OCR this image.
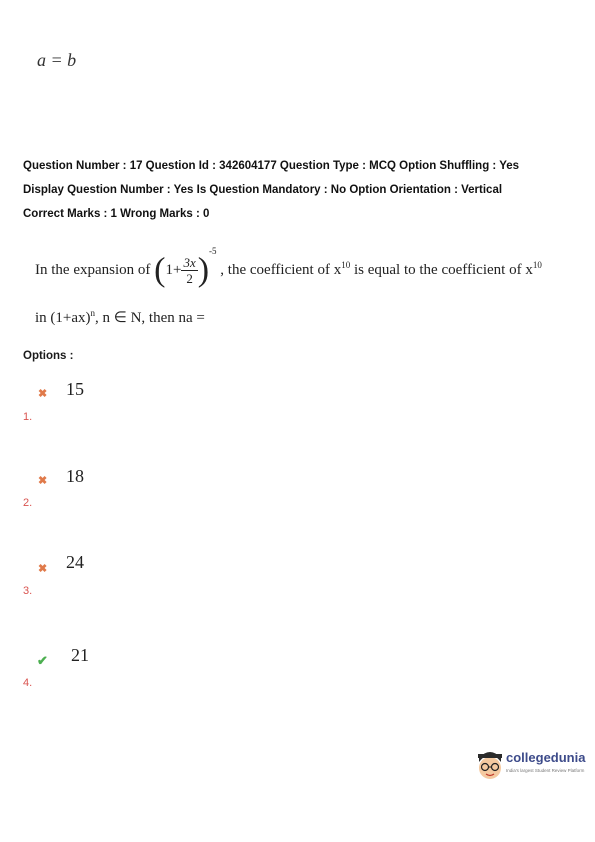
a = b
Question Number : 17 Question Id : 342604177 Question Type : MCQ Option Shuffling : Yes
Display Question Number : Yes Is Question Mandatory : No Option Orientation : Vertical
Correct Marks : 1 Wrong Marks : 0
In the expansion of $(1+ \frac{3x}{2} )^{-5}$ , the coefficient of $x^{10}$ is equal to the coefficient of $x^{10}$
in $(1+ax)^n$, n ∈ N, then na =
Options :
✖ 15
1.
✖ 18
2.
✖ 24
3.
✔ 21
4.
collegedunia
India's largest Student Review Platform
